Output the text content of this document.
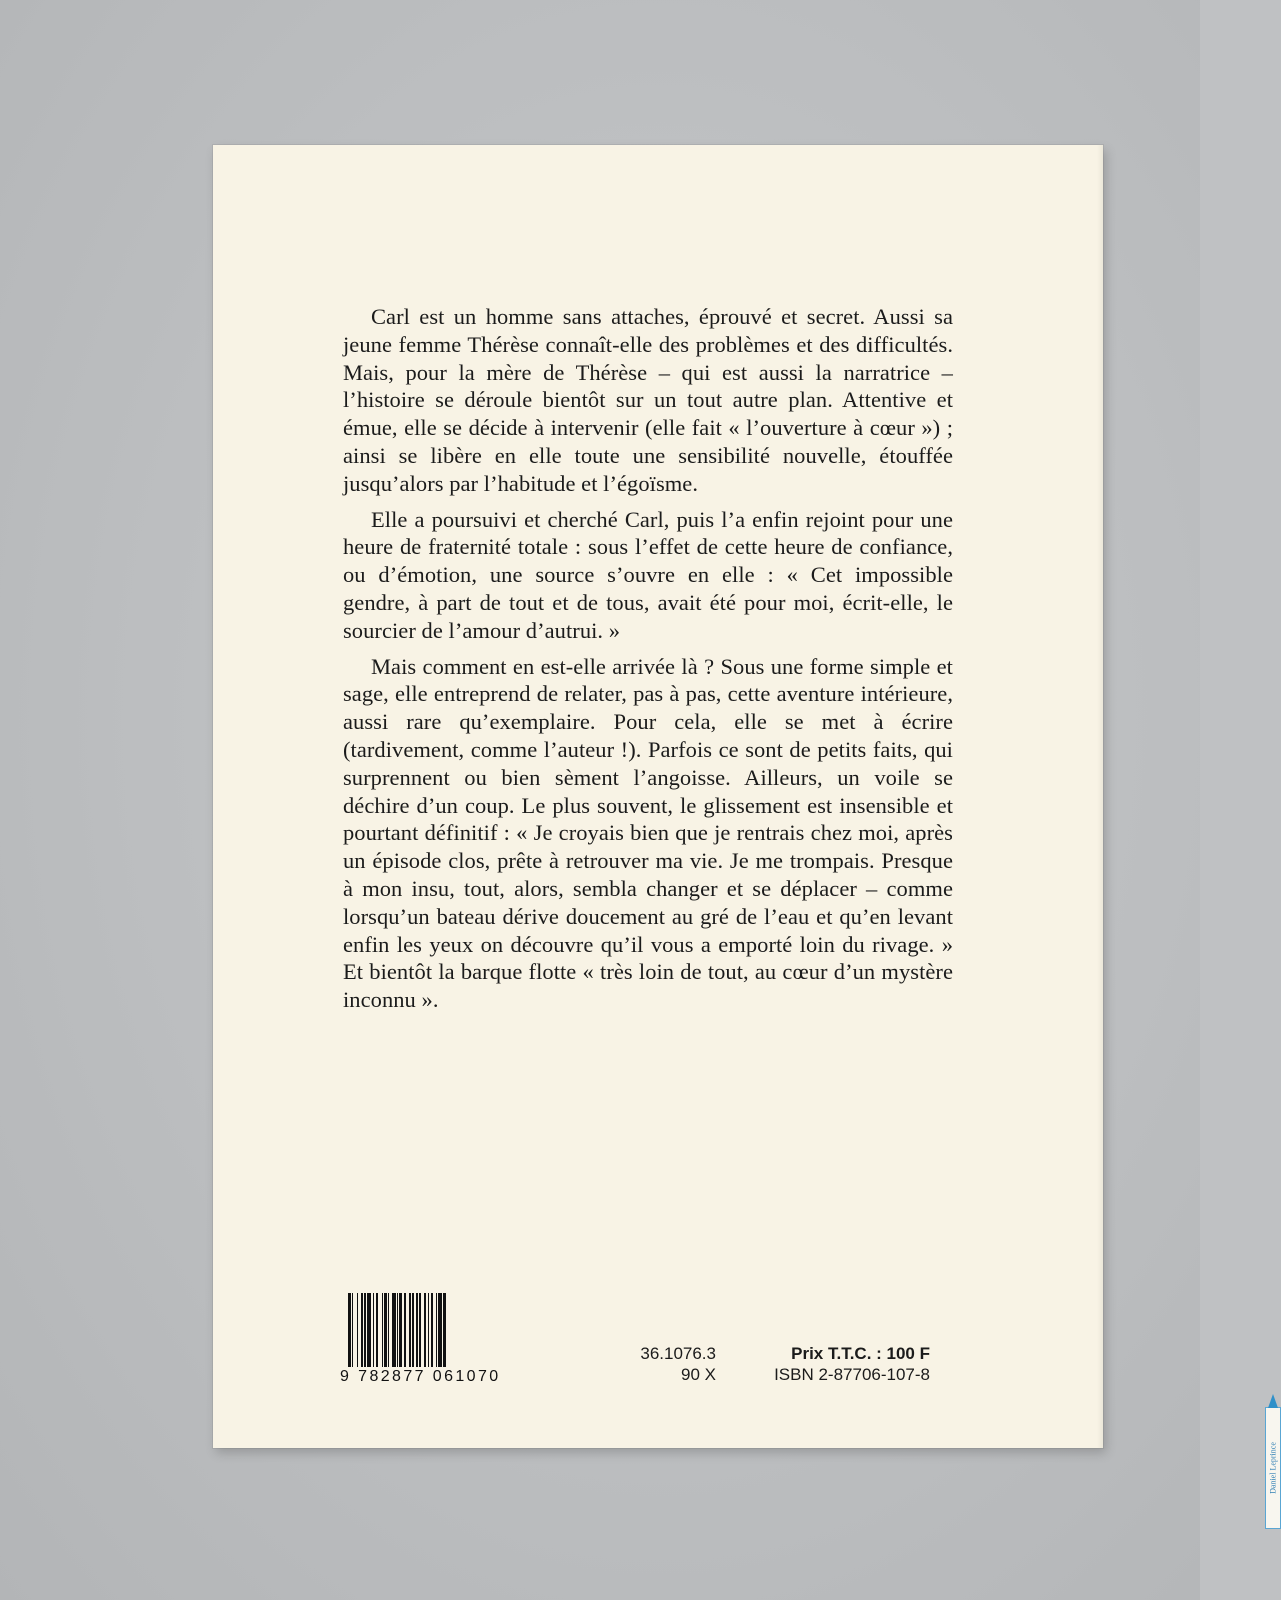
Carl est un homme sans attaches, éprouvé et secret. Aussi sa jeune femme Thérèse connaît-elle des problèmes et des difficultés. Mais, pour la mère de Thérèse – qui est aussi la narratrice – l’histoire se déroule bientôt sur un tout autre plan. Attentive et émue, elle se décide à intervenir (elle fait « l’ouverture à cœur ») ; ainsi se libère en elle toute une sensibilité nouvelle, étouffée jusqu’alors par l’habitude et l’égoïsme.

Elle a poursuivi et cherché Carl, puis l’a enfin rejoint pour une heure de fraternité totale : sous l’effet de cette heure de confiance, ou d’émotion, une source s’ouvre en elle : « Cet impossible gendre, à part de tout et de tous, avait été pour moi, écrit-elle, le sourcier de l’amour d’autrui. »

Mais comment en est-elle arrivée là ? Sous une forme simple et sage, elle entreprend de relater, pas à pas, cette aventure intérieure, aussi rare qu’exemplaire. Pour cela, elle se met à écrire (tardivement, comme l’auteur !). Parfois ce sont de petits faits, qui surprennent ou bien sèment l’angoisse. Ailleurs, un voile se déchire d’un coup. Le plus souvent, le glissement est insensible et pourtant définitif : « Je croyais bien que je rentrais chez moi, après un épisode clos, prête à retrouver ma vie. Je me trompais. Presque à mon insu, tout, alors, sembla changer et se déplacer – comme lorsqu’un bateau dérive doucement au gré de l’eau et qu’en levant enfin les yeux on découvre qu’il vous a emporté loin du rivage. » Et bientôt la barque flotte « très loin de tout, au cœur d’un mystère inconnu ».

9 782877 061070
36.1076.3
90 X
Prix T.T.C. : 100 F
ISBN 2-87706-107-8
Daniel Leprince
